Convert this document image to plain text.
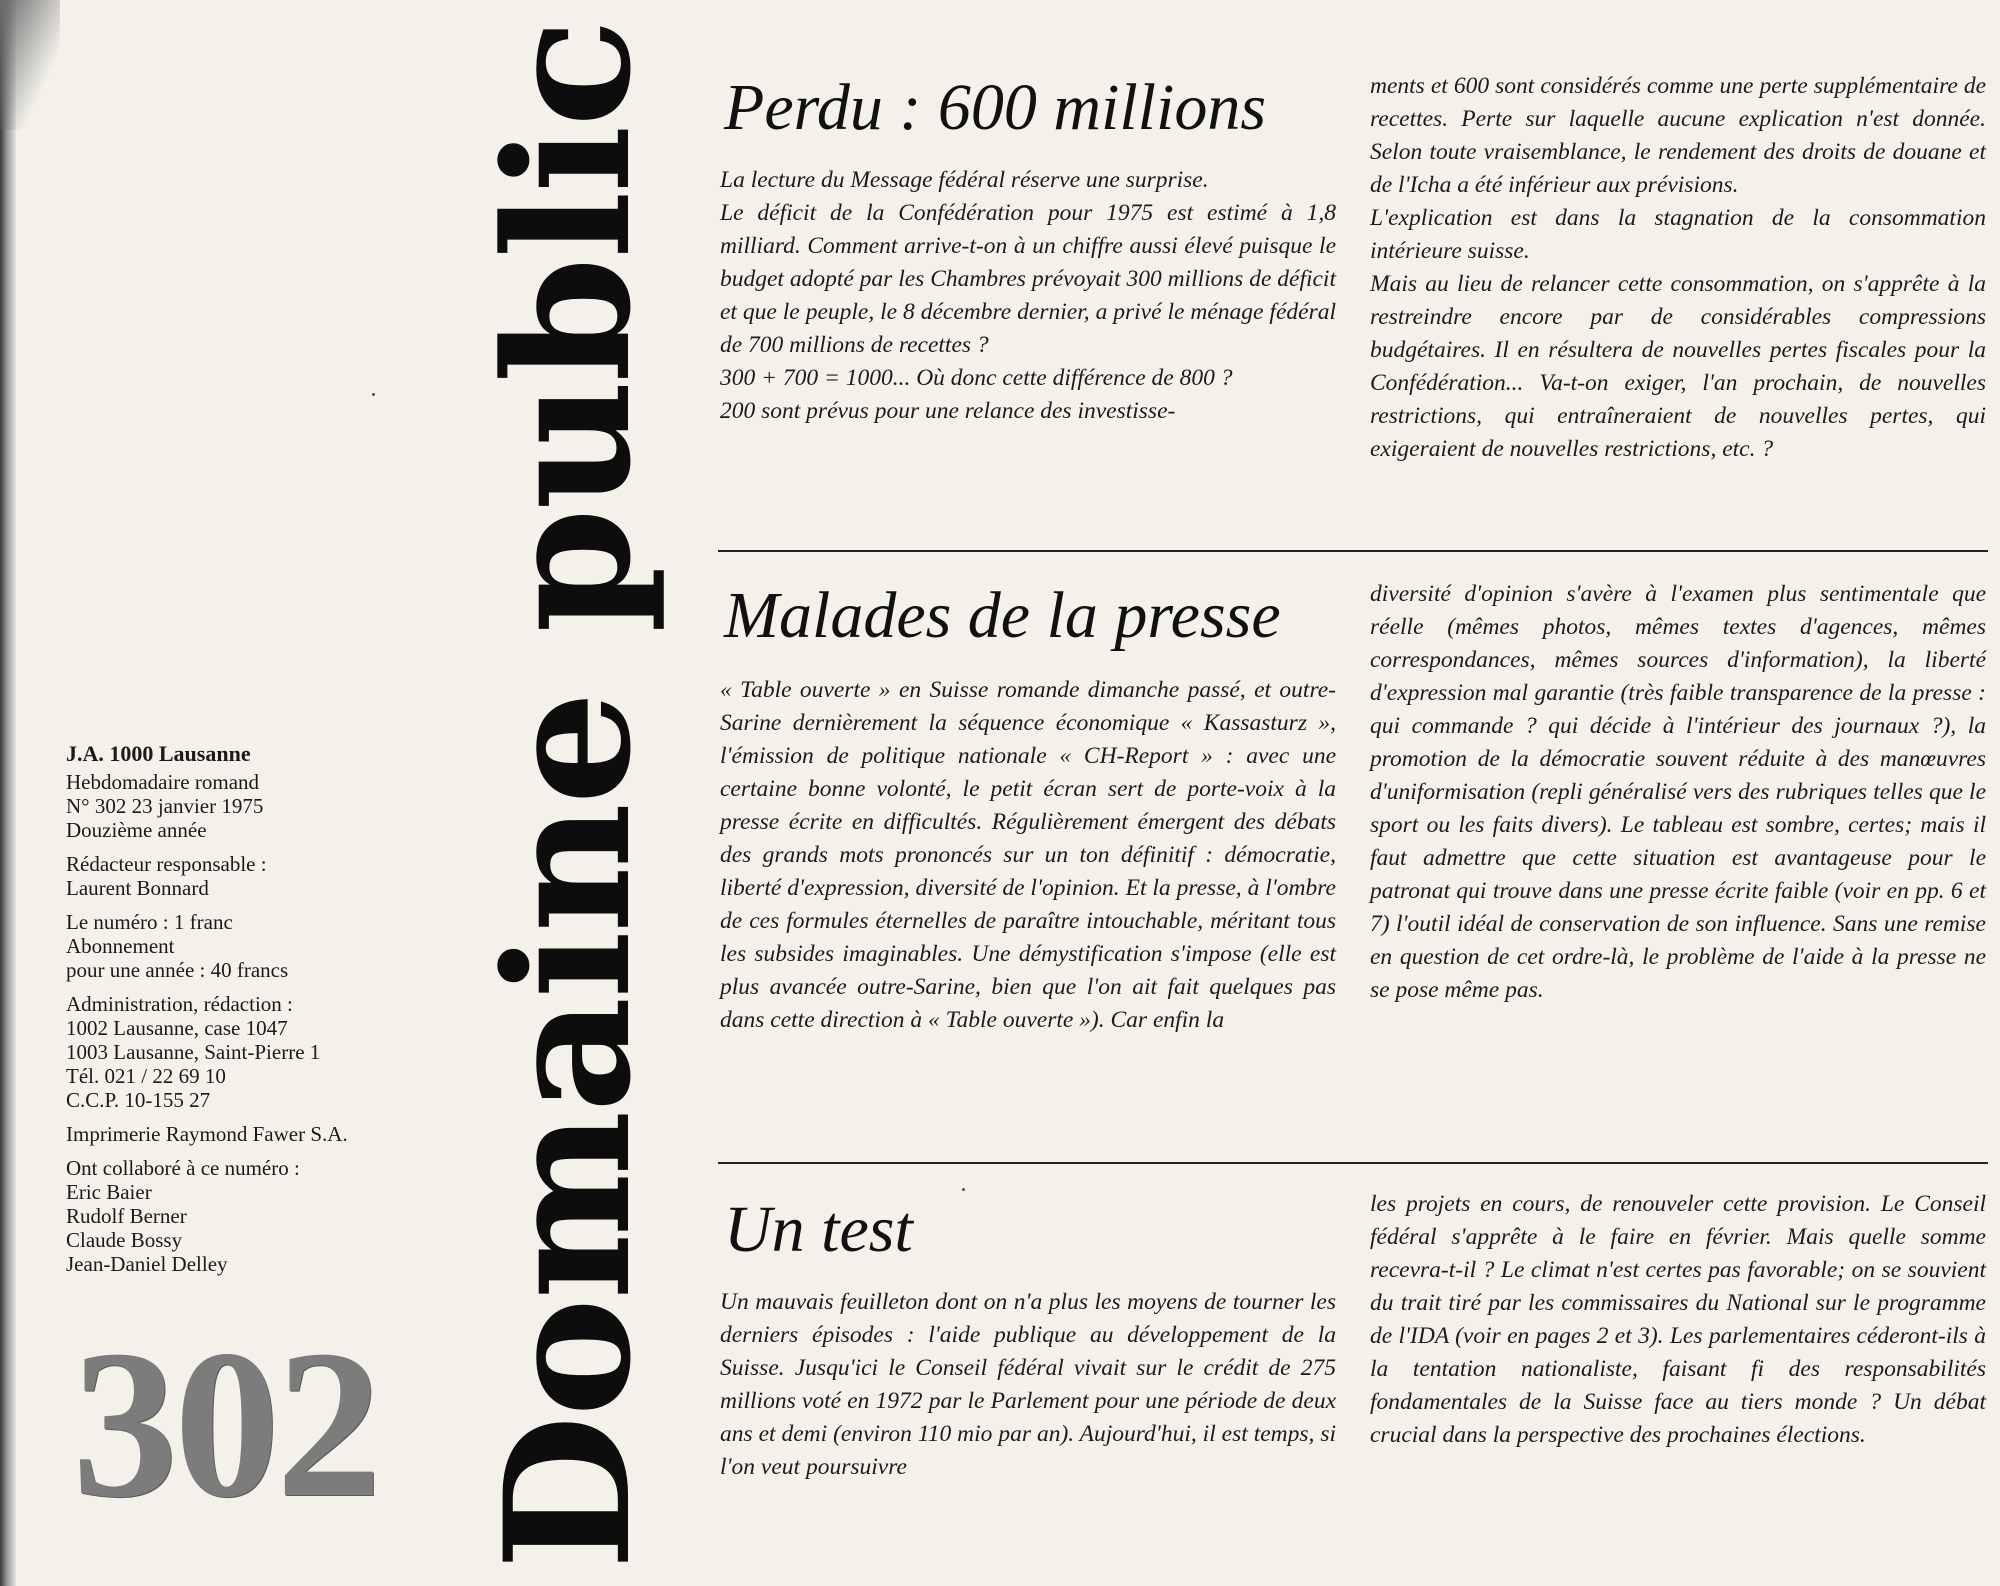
J.A. 1000 Lausanne
Hebdomadaire romand
N° 302 23 janvier 1975
Douzième année
Rédacteur responsable :
Laurent Bonnard
Le numéro : 1 franc
Abonnement
pour une année : 40 francs
Administration, rédaction :
1002 Lausanne, case 1047
1003 Lausanne, Saint-Pierre 1
Tél. 021 / 22 69 10
C.C.P. 10-155 27
Imprimerie Raymond Fawer S.A.
Ont collaboré à ce numéro :
Eric Baier
Rudolf Berner
Claude Bossy
Jean-Daniel Delley
302 Domaine public Perdu : 600 millions

La lecture du Message fédéral réserve une surprise.

Le déficit de la Confédération pour 1975 est estimé à 1,8 milliard. Comment arrive-t-on à un chiffre aussi élevé puisque le budget adopté par les Chambres prévoyait 300 millions de déficit et que le peuple, le 8 décembre dernier, a privé le ménage fédéral de 700 millions de recettes ?

300 + 700 = 1000... Où donc cette différence de 800 ?

200 sont prévus pour une relance des investisse-

ments et 600 sont considérés comme une perte supplémentaire de recettes. Perte sur laquelle aucune explication n'est donnée. Selon toute vraisemblance, le rendement des droits de douane et de l'Icha a été inférieur aux prévisions.

L'explication est dans la stagnation de la consommation intérieure suisse.

Mais au lieu de relancer cette consommation, on s'apprête à la restreindre encore par de considérables compressions budgétaires. Il en résultera de nouvelles pertes fiscales pour la Confédération... Va-t-on exiger, l'an prochain, de nouvelles restrictions, qui entraîneraient de nouvelles pertes, qui exigeraient de nouvelles restrictions, etc. ?

Malades de la presse

« Table ouverte » en Suisse romande dimanche passé, et outre-Sarine dernièrement la séquence économique « Kassasturz », l'émission de politique nationale « CH-Report » : avec une certaine bonne volonté, le petit écran sert de porte-voix à la presse écrite en difficultés. Régulièrement émergent des débats des grands mots prononcés sur un ton définitif : démocratie, liberté d'expression, diversité de l'opinion. Et la presse, à l'ombre de ces formules éternelles de paraître intouchable, méritant tous les subsides imaginables. Une démystification s'impose (elle est plus avancée outre-Sarine, bien que l'on ait fait quelques pas dans cette direction à « Table ouverte »). Car enfin la

diversité d'opinion s'avère à l'examen plus sentimentale que réelle (mêmes photos, mêmes textes d'agences, mêmes correspondances, mêmes sources d'information), la liberté d'expression mal garantie (très faible transparence de la presse : qui commande ? qui décide à l'intérieur des journaux ?), la promotion de la démocratie souvent réduite à des manœuvres d'uniformisation (repli généralisé vers des rubriques telles que le sport ou les faits divers). Le tableau est sombre, certes; mais il faut admettre que cette situation est avantageuse pour le patronat qui trouve dans une presse écrite faible (voir en pp. 6 et 7) l'outil idéal de conservation de son influence. Sans une remise en question de cet ordre-là, le problème de l'aide à la presse ne se pose même pas.

Un test

Un mauvais feuilleton dont on n'a plus les moyens de tourner les derniers épisodes : l'aide publique au développement de la Suisse. Jusqu'ici le Conseil fédéral vivait sur le crédit de 275 millions voté en 1972 par le Parlement pour une période de deux ans et demi (environ 110 mio par an). Aujourd'hui, il est temps, si l'on veut poursuivre

les projets en cours, de renouveler cette provision. Le Conseil fédéral s'apprête à le faire en février. Mais quelle somme recevra-t-il ? Le climat n'est certes pas favorable; on se souvient du trait tiré par les commissaires du National sur le programme de l'IDA (voir en pages 2 et 3). Les parlementaires céderont-ils à la tentation nationaliste, faisant fi des responsabilités fondamentales de la Suisse face au tiers monde ? Un débat crucial dans la perspective des prochaines élections.
